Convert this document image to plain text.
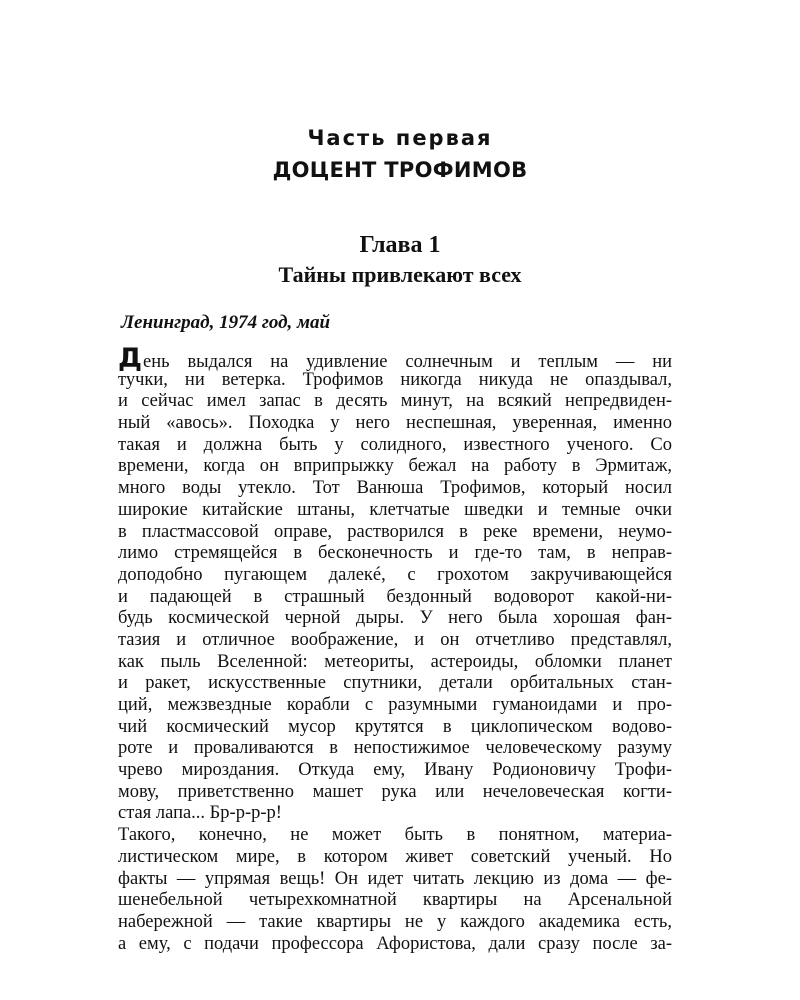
Часть первая
ДОЦЕНТ ТРОФИМОВ
Глава 1
Тайны привлекают всех
Ленинград, 1974 год, май
День выдался на удивление солнечным и теплым — ни
тучки, ни ветерка. Трофимов никогда никуда не опаздывал,
и сейчас имел запас в десять минут, на всякий непредвиден-
ный «авось». Походка у него неспешная, уверенная, именно
такая и должна быть у солидного, известного ученого. Со
времени, когда он вприпрыжку бежал на работу в Эрмитаж,
много воды утекло. Тот Ванюша Трофимов, который носил
широкие китайские штаны, клетчатые шведки и темные очки
в пластмассовой оправе, растворился в реке времени, неумо-
лимо стремящейся в бесконечность и где-то там, в неправ-
доподобно пугающем далекé, с грохотом закручивающейся
и падающей в страшный бездонный водоворот какой-ни-
будь космической черной дыры. У него была хорошая фан-
тазия и отличное воображение, и он отчетливо представлял,
как пыль Вселенной: метеориты, астероиды, обломки планет
и ракет, искусственные спутники, детали орбитальных стан-
ций, межзвездные корабли с разумными гуманоидами и про-
чий космический мусор крутятся в циклопическом водово-
роте и проваливаются в непостижимое человеческому разуму
чрево мироздания. Откуда ему, Ивану Родионовичу Трофи-
мову, приветственно машет рука или нечеловеческая когти-
стая лапа... Бр-р-р-р!
Такого, конечно, не может быть в понятном, материа-
листическом мире, в котором живет советский ученый. Но
факты — упрямая вещь! Он идет читать лекцию из дома — фе-
шенебельной четырехкомнатной квартиры на Арсенальной
набережной — такие квартиры не у каждого академика есть,
а ему, с подачи профессора Афористова, дали сразу после за-
